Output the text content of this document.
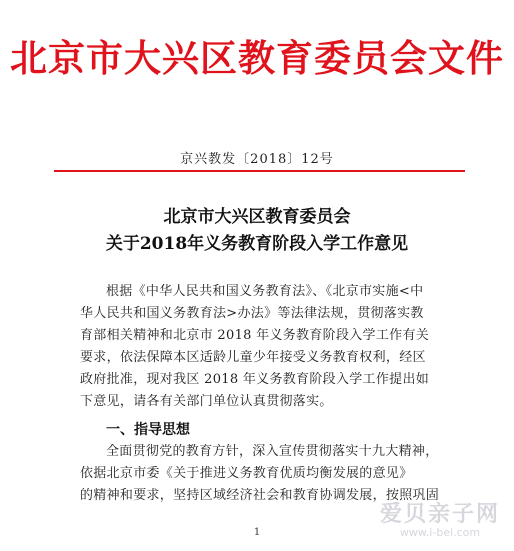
北京市大兴区教育委员会文件
京兴教发〔2018〕12号
北京市大兴区教育委员会
关于2018年义务教育阶段入学工作意见
根据《中华人民共和国义务教育法》、《北京市实施<中
华人民共和国义务教育法>办法》等法律法规，贯彻落实教
育部相关精神和北京市 2018 年义务教育阶段入学工作有关
要求，依法保障本区适龄儿童少年接受义务教育权利，经区
政府批准，现对我区 2018 年义务教育阶段入学工作提出如
下意见，请各有关部门单位认真贯彻落实。
一、指导思想
全面贯彻党的教育方针，深入宣传贯彻落实十九大精神，
依据北京市委《关于推进义务教育优质均衡发展的意见》
的精神和要求，坚持区域经济社会和教育协调发展，按照巩固
1
爱贝亲子网
www.i-bei.com
